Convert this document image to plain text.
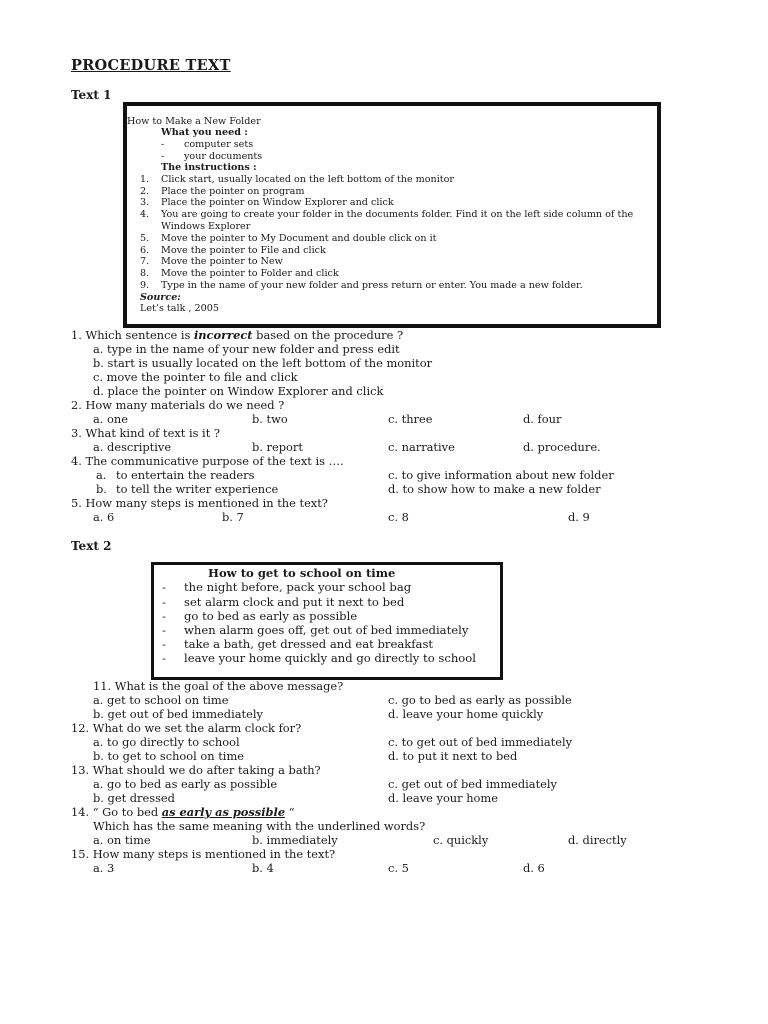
PROCEDURE TEXT
Text 1
How to Make a New Folder
What you need :
- computer sets
- your documents
The instructions :
1. Click start, usually located on the left bottom of the monitor
2. Place the pointer on program
3. Place the pointer on Window Explorer and click
4. You are going to create your folder in the documents folder. Find it on the left side column of the
Windows Explorer
5. Move the pointer to My Document and double click on it
6. Move the pointer to File and click
7. Move the pointer to New
8. Move the pointer to Folder and click
9. Type in the name of your new folder and press return or enter. You made a new folder.
Source:
Let’s talk , 2005
1. Which sentence is incorrect based on the procedure ?
a. type in the name of your new folder and press edit
b. start is usually located on the left bottom of the monitor
c. move the pointer to file and click
d. place the pointer on Window Explorer and click
2. How many materials do we need ?
a. one	b. two	c. three	d. four
3. What kind of text is it ?
a. descriptive	b. report	c. narrative	d. procedure.
4. The communicative purpose of the text is ….
a. to entertain the readers	c. to give information about new folder
b. to tell the writer experience	d. to show how to make a new folder
5. How many steps is mentioned in the text?
a. 6	b. 7	c. 8	d. 9
Text 2
How to get to school on time
- the night before, pack your school bag
- set alarm clock and put it next to bed
- go to bed as early as possible
- when alarm goes off, get out of bed immediately
- take a bath, get dressed and eat breakfast
- leave your home quickly and go directly to school
11. What is the goal of the above message?
a. get to school on time	c. go to bed as early as possible
b. get out of bed immediately	d. leave your home quickly
12. What do we set the alarm clock for?
a. to go directly to school	c. to get out of bed immediately
b. to get to school on time	d. to put it next to bed
13. What should we do after taking a bath?
a. go to bed as early as possible	c. get out of bed immediately
b. get dressed	d. leave your home
14. “ Go to bed as early as possible “
Which has the same meaning with the underlined words?
a. on time	b. immediately	c. quickly	d. directly
15. How many steps is mentioned in the text?
a. 3	b. 4	c. 5	d. 6
